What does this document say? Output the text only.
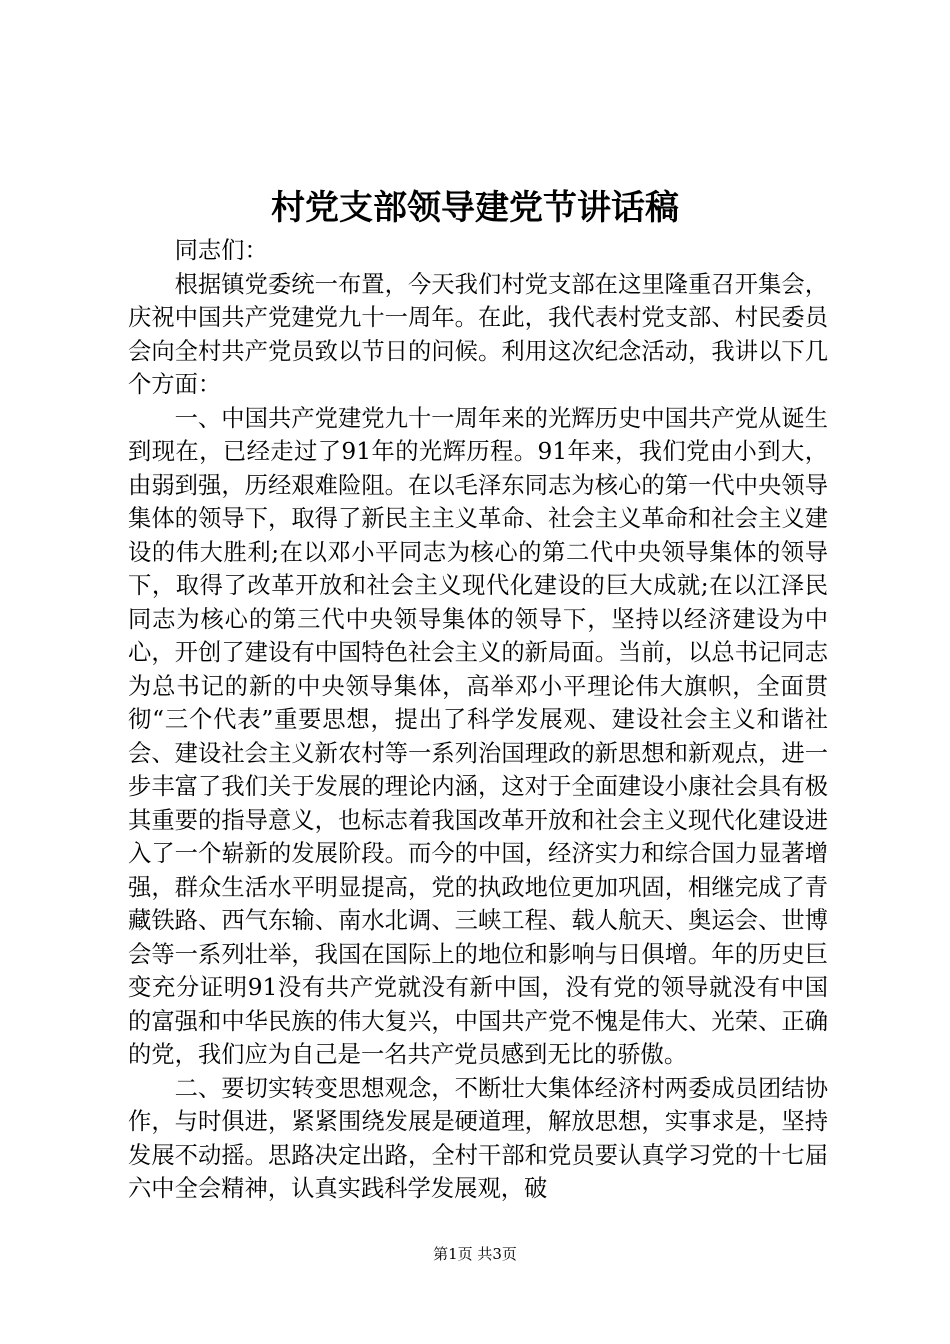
村党支部领导建党节讲话稿

同志们：

根据镇党委统一布置，今天我们村党支部在这里隆重召开集会，庆祝中国共产党建党九十一周年。在此，我代表村党支部、村民委员会向全村共产党员致以节日的问候。利用这次纪念活动，我讲以下几个方面：

一、中国共产党建党九十一周年来的光辉历史中国共产党从诞生到现在，已经走过了91年的光辉历程。91年来，我们党由小到大，由弱到强，历经艰难险阻。在以毛泽东同志为核心的第一代中央领导集体的领导下，取得了新民主主义革命、社会主义革命和社会主义建设的伟大胜利;在以邓小平同志为核心的第二代中央领导集体的领导下，取得了改革开放和社会主义现代化建设的巨大成就;在以江泽民同志为核心的第三代中央领导集体的领导下，坚持以经济建设为中心，开创了建设有中国特色社会主义的新局面。当前，以总书记同志为总书记的新的中央领导集体，高举邓小平理论伟大旗帜，全面贯彻“三个代表”重要思想，提出了科学发展观、建设社会主义和谐社会、建设社会主义新农村等一系列治国理政的新思想和新观点，进一步丰富了我们关于发展的理论内涵，这对于全面建设小康社会具有极其重要的指导意义，也标志着我国改革开放和社会主义现代化建设进入了一个崭新的发展阶段。而今的中国，经济实力和综合国力显著增强，群众生活水平明显提高，党的执政地位更加巩固，相继完成了青藏铁路、西气东输、南水北调、三峡工程、载人航天、奥运会、世博会等一系列壮举，我国在国际上的地位和影响与日俱增。年的历史巨变充分证明91没有共产党就没有新中国，没有党的领导就没有中国的富强和中华民族的伟大复兴，中国共产党不愧是伟大、光荣、正确的党，我们应为自己是一名共产党员感到无比的骄傲。

二、要切实转变思想观念，不断壮大集体经济村两委成员团结协作，与时俱进，紧紧围绕发展是硬道理，解放思想，实事求是，坚持发展不动摇。思路决定出路，全村干部和党员要认真学习党的十七届六中全会精神，认真实践科学发展观，破

第1页 共3页
